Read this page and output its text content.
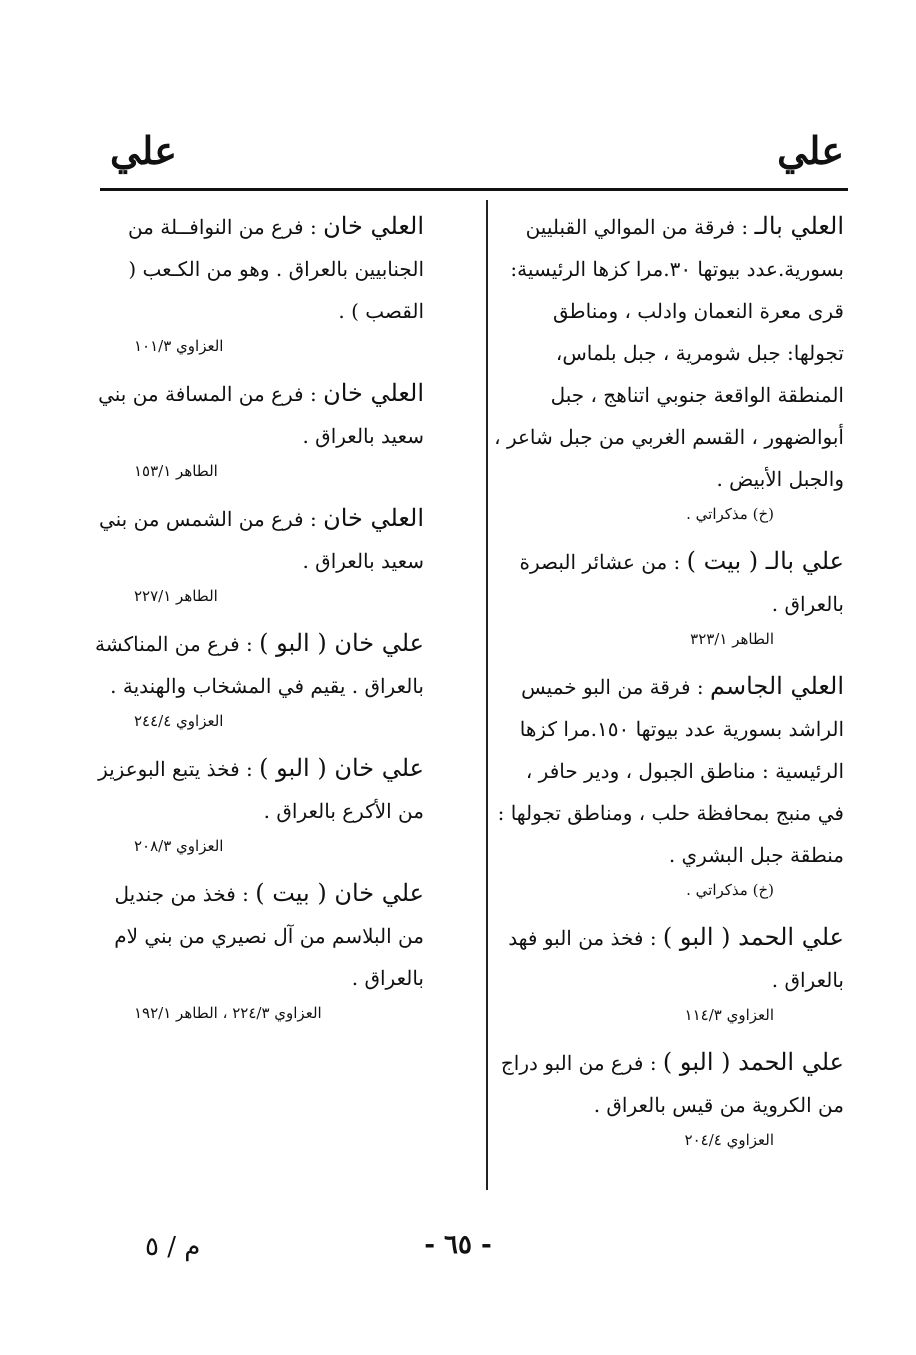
علي
علي

العلي بالـ : فرقة من الموالي القبليين بسورية.عدد بيوتها ٣٠.مرا كزها الرئيسية: قرى معرة النعمان وادلب ، ومناطق تجولها: جبل شومرية ، جبل بلماس، المنطقة الواقعة جنوبي اتناهج ، جبل أبوالضهور ، القسم الغربي من جبل شاعر ، والجبل الأبيض .

(خ) مذكراتي .

علي بالـ ( بيت ) : من عشائر البصرة بالعراق .

الطاهر ٣٢٣/١

العلي الجاسم : فرقة من البو خميس الراشد بسورية عدد بيوتها ١٥٠.مرا كزها الرئيسية : مناطق الجبول ، ودير حافر ، في منبج بمحافظة حلب ، ومناطق تجولها : منطقة جبل البشري .

(خ) مذكراتي .

علي الحمد ( البو ) : فخذ من البو فهد بالعراق .

العزاوي ١١٤/٣

علي الحمد ( البو ) : فرع من البو دراج من الكروية من قيس بالعراق .

العزاوي ٢٠٤/٤

العلي خان : فرع من النوافــلة من الجنابيين بالعراق . وهو من الكـعب ( القصب ) .

العزاوي ١٠١/٣

العلي خان : فرع من المسافة من بني سعيد بالعراق .

الطاهر ١٥٣/١

العلي خان : فرع من الشمس من بني سعيد بالعراق .

الطاهر ٢٢٧/١

علي خان ( البو ) : فرع من المناكشة بالعراق . يقيم في المشخاب والهندية .

العزاوي ٢٤٤/٤

علي خان ( البو ) : فخذ يتبع البوعزيز من الأكرع بالعراق .

العزاوي ٢٠٨/٣

علي خان ( بيت ) : فخذ من جنديل من البلاسم من آل نصيري من بني لام بالعراق .

العزاوي ٢٢٤/٣ ، الطاهر ١٩٢/١

- ٦٥ -
م / ٥
